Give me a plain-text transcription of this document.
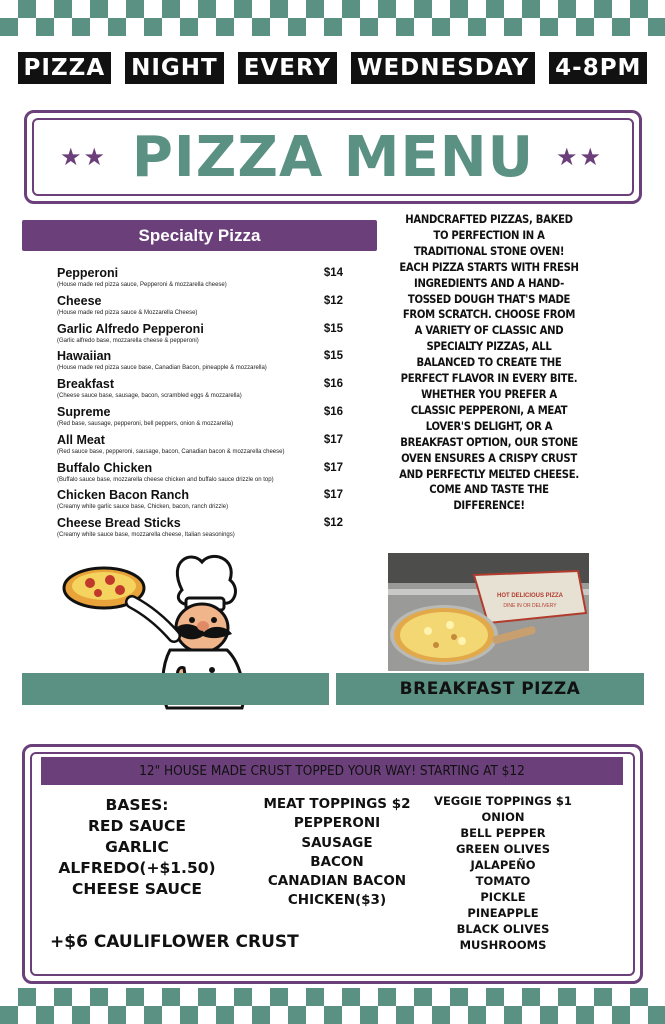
PIZZA NIGHT EVERY WEDNESDAY 4-8PM
PIZZA MENU
★★	★★
Specialty Pizza
Pepperoni
(House made red pizza sauce, Pepperoni & mozzarella cheese)
$14
Cheese
(House made red pizza sauce & Mozzarella Cheese)
$12
Garlic Alfredo Pepperoni
(Garlic alfredo base, mozzarella cheese & pepperoni)
$15
Hawaiian
(House made red pizza sauce base, Canadian Bacon, pineapple & mozzarella)
$15
Breakfast
(Cheese sauce base, sausage, bacon, scrambled eggs & mozzarella)
$16
Supreme
(Red base, sausage, pepperoni, bell peppers, onion & mozzarella)
$16
All Meat
(Red sauce base, pepperoni, sausage, bacon, Canadian bacon & mozzarella cheese)
$17
Buffalo Chicken
(Buffalo sauce base, mozzarella cheese chicken and buffalo sauce drizzle on top)
$17
Chicken Bacon Ranch
(Creamy white garlic sauce base, Chicken, bacon, ranch drizzle)
$17
Cheese Bread Sticks
(Creamy white sauce base, mozzarella cheese, Italian seasonings)
$12
HANDCRAFTED PIZZAS, BAKED TO PERFECTION IN A TRADITIONAL STONE OVEN! EACH PIZZA STARTS WITH FRESH INGREDIENTS AND A HAND-TOSSED DOUGH THAT'S MADE FROM SCRATCH. CHOOSE FROM A VARIETY OF CLASSIC AND SPECIALTY PIZZAS, ALL BALANCED TO CREATE THE PERFECT FLAVOR IN EVERY BITE. WHETHER YOU PREFER A CLASSIC PEPPERONI, A MEAT LOVER'S DELIGHT, OR A BREAKFAST OPTION, OUR STONE OVEN ENSURES A CRISPY CRUST AND PERFECTLY MELTED CHEESE. COME AND TASTE THE DIFFERENCE!
HOT DELICIOUS PIZZA
DINE IN OR DELIVERY
BREAKFAST PIZZA
12" HOUSE MADE CRUST TOPPED YOUR WAY! STARTING AT $12
BASES:
RED SAUCE
GARLIC ALFREDO(+$1.50)
CHEESE SAUCE
MEAT TOPPINGS $2
PEPPERONI
SAUSAGE
BACON
CANADIAN BACON
CHICKEN($3)
VEGGIE TOPPINGS $1
ONION
BELL PEPPER
GREEN OLIVES
JALAPEÑO
TOMATO
PICKLE
PINEAPPLE
BLACK OLIVES
MUSHROOMS
+$6 CAULIFLOWER CRUST
